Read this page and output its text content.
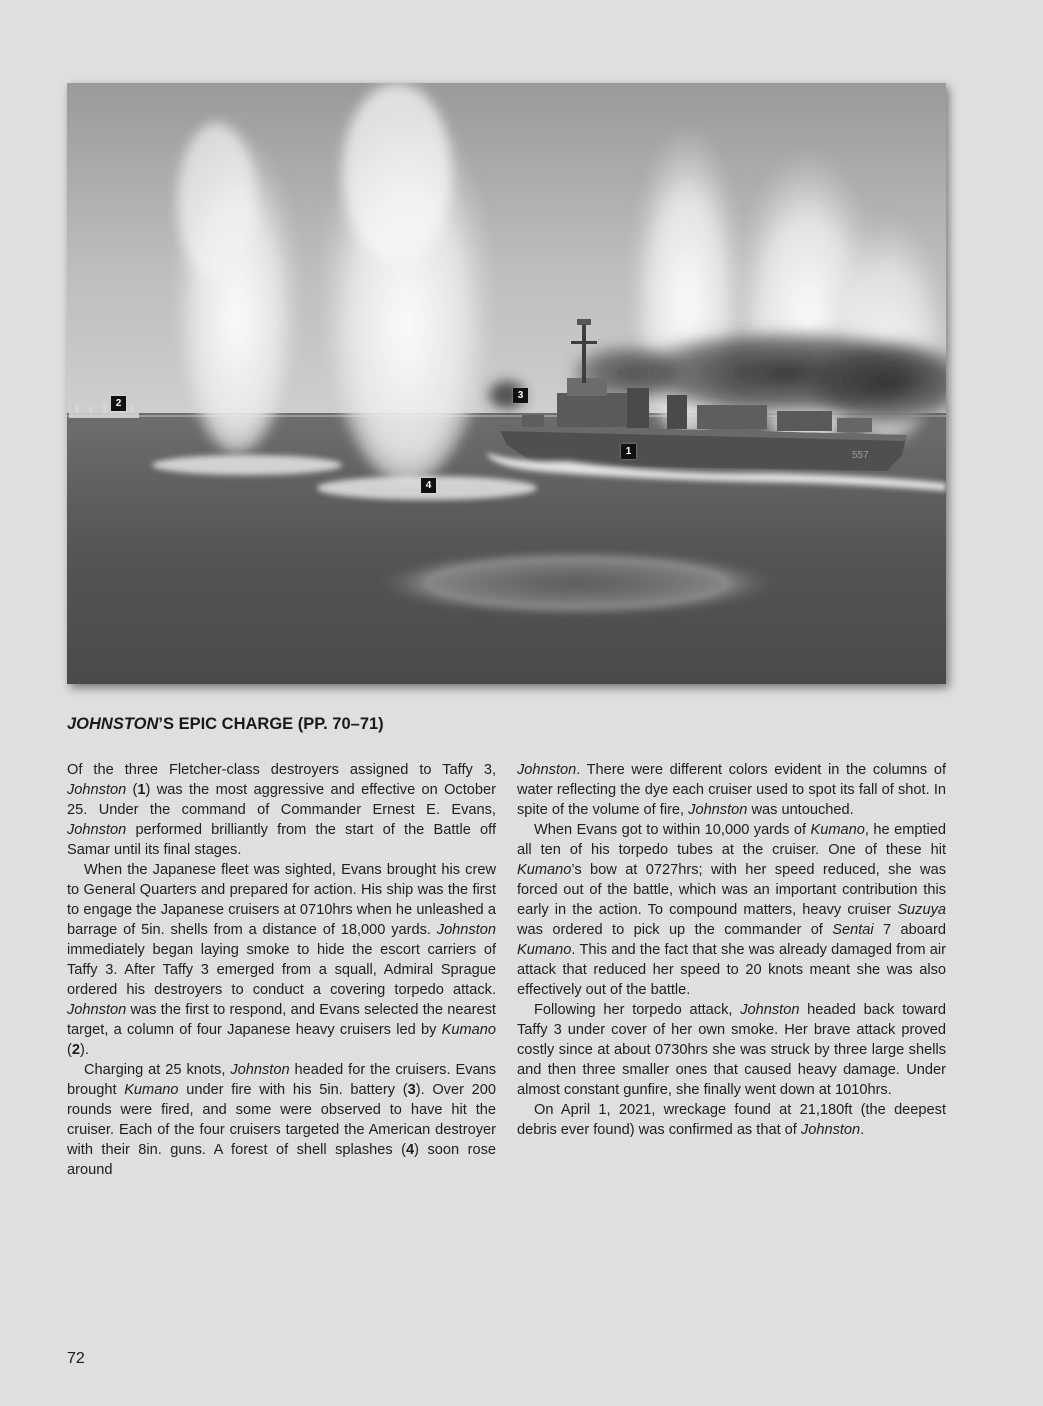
557
1
2
3
4
JOHNSTON’S EPIC CHARGE (PP. 70–71)

Of the three Fletcher-class destroyers assigned to Taffy 3, Johnston (1) was the most aggressive and effective on October 25. Under the command of Commander Ernest E. Evans, Johnston performed brilliantly from the start of the Battle off Samar until its final stages.

When the Japanese fleet was sighted, Evans brought his crew to General Quarters and prepared for action. His ship was the first to engage the Japanese cruisers at 0710hrs when he unleashed a barrage of 5in. shells from a distance of 18,000 yards. Johnston immediately began laying smoke to hide the escort carriers of Taffy 3. After Taffy 3 emerged from a squall, Admiral Sprague ordered his destroyers to conduct a covering torpedo attack. Johnston was the first to respond, and Evans selected the nearest target, a column of four Japanese heavy cruisers led by Kumano (2).

Charging at 25 knots, Johnston headed for the cruisers. Evans brought Kumano under fire with his 5in. battery (3). Over 200 rounds were fired, and some were observed to have hit the cruiser. Each of the four cruisers targeted the American destroyer with their 8in. guns. A forest of shell splashes (4) soon rose around

Johnston. There were different colors evident in the columns of water reflecting the dye each cruiser used to spot its fall of shot. In spite of the volume of fire, Johnston was untouched.

When Evans got to within 10,000 yards of Kumano, he emptied all ten of his torpedo tubes at the cruiser. One of these hit Kumano’s bow at 0727hrs; with her speed reduced, she was forced out of the battle, which was an important contribution this early in the action. To compound matters, heavy cruiser Suzuya was ordered to pick up the commander of Sentai 7 aboard Kumano. This and the fact that she was already damaged from air attack that reduced her speed to 20 knots meant she was also effectively out of the battle.

Following her torpedo attack, Johnston headed back toward Taffy 3 under cover of her own smoke. Her brave attack proved costly since at about 0730hrs she was struck by three large shells and then three smaller ones that caused heavy damage. Under almost constant gunfire, she finally went down at 1010hrs.

On April 1, 2021, wreckage found at 21,180ft (the deepest debris ever found) was confirmed as that of Johnston.

72
